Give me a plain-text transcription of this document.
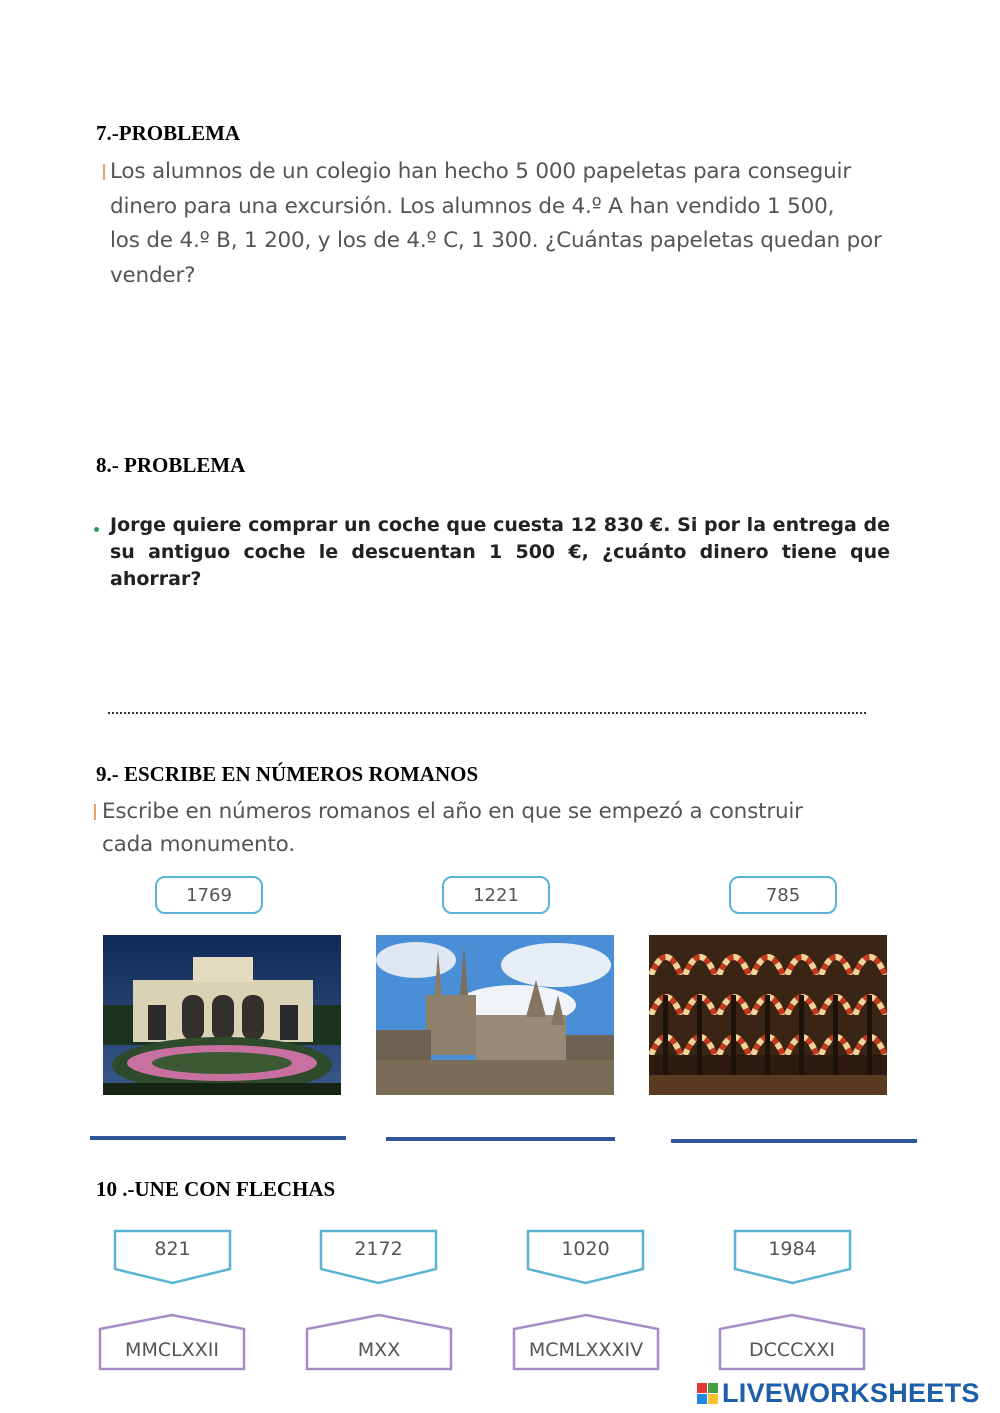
7.-PROBLEMA
Los alumnos de un colegio han hecho 5 000 papeletas para conseguir
dinero para una excursión. Los alumnos de 4.º A han vendido 1 500,
los de 4.º B, 1 200, y los de 4.º C, 1 300. ¿Cuántas papeletas quedan por
vender?
8.- PROBLEMA
Jorge quiere comprar un coche que cuesta 12 830 €. Si por la entrega de su antiguo coche le descuentan 1 500 €, ¿cuánto dinero tiene que ahorrar?
9.- ESCRIBE EN NÚMEROS ROMANOS
Escribe en números romanos el año en que se empezó a construir
cada monumento.
1769	1221	785
10 .-UNE CON FLECHAS
821	2172	1020	1984
MMCLXXII	MXX	MCMLXXXIV	DCCCXXI
LIVEWORKSHEETS
